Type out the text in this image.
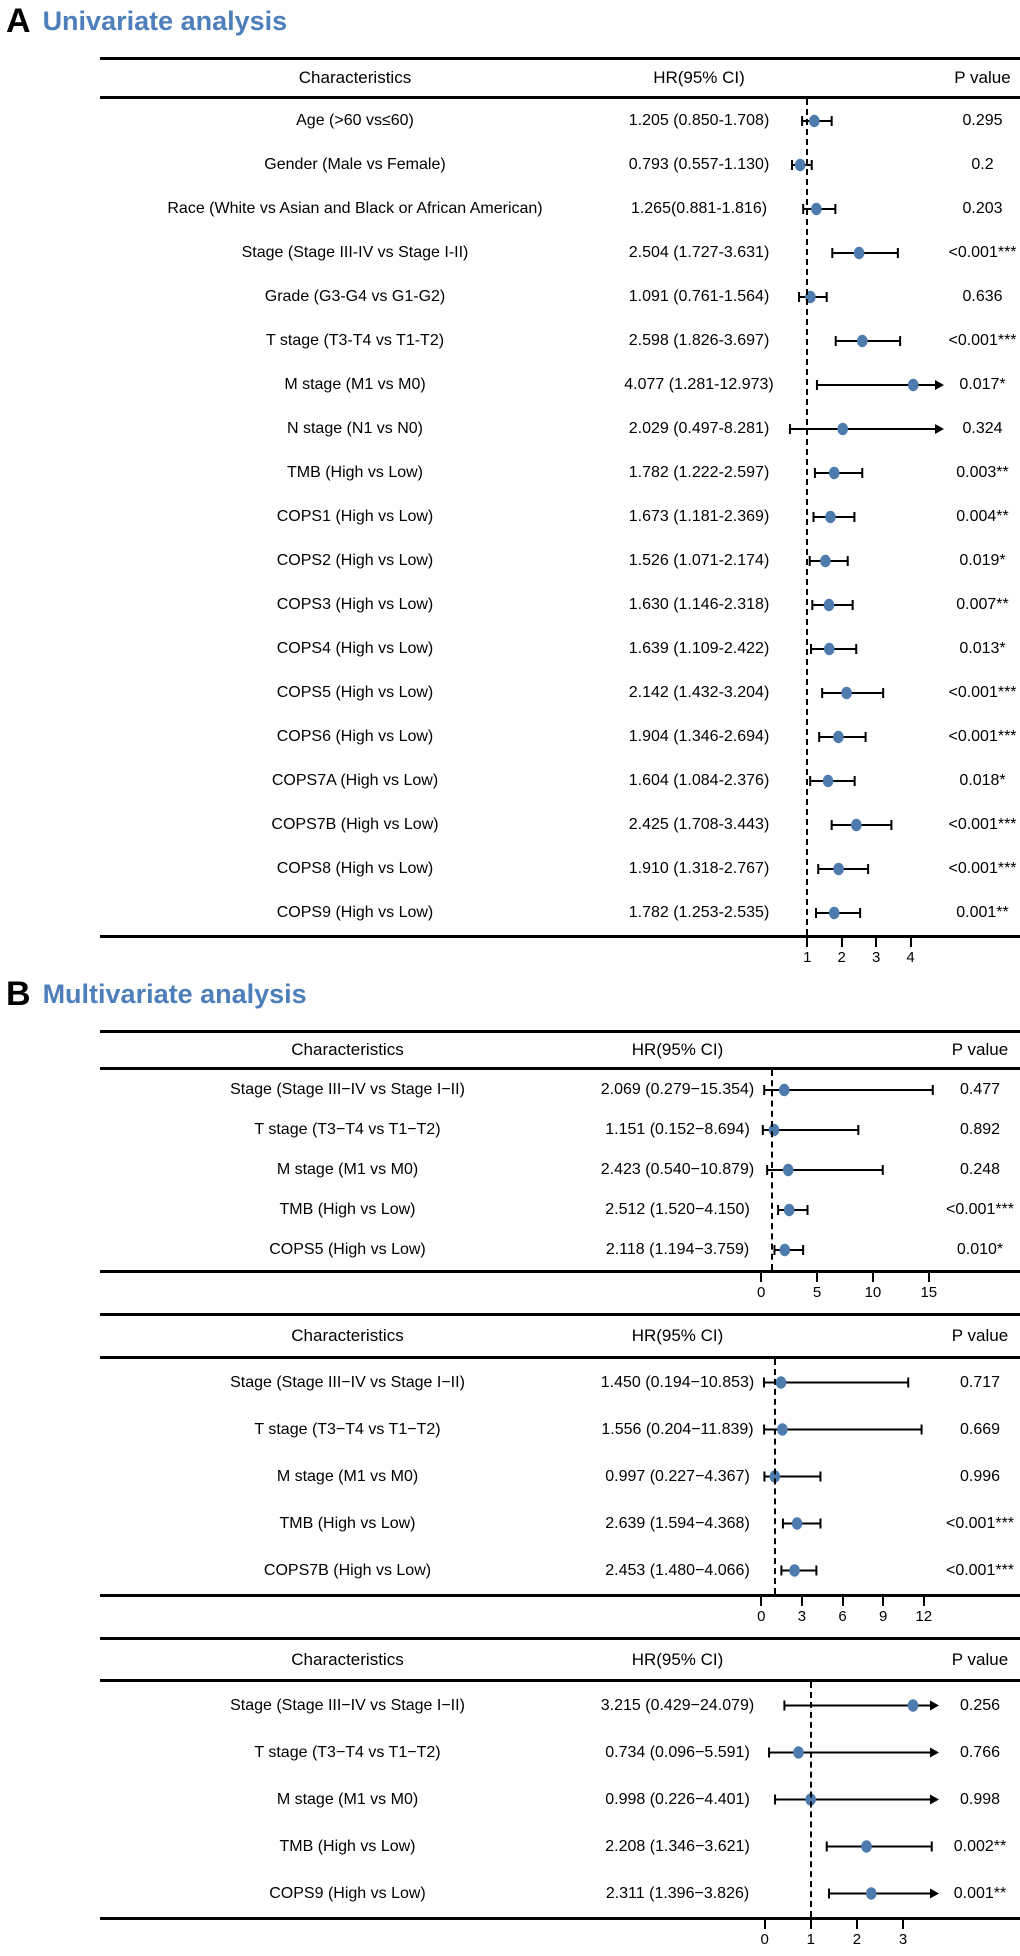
A Univariate analysis
Characteristics	HR(95% CI)	P value
Age (>60 vs≤60)	1.205 (0.850-1.708)	0.295
Gender (Male vs Female)	0.793 (0.557-1.130)	0.2
Race (White vs Asian and Black or African American)	1.265(0.881-1.816)	0.203
Stage (Stage III-IV vs Stage I-II)	2.504 (1.727-3.631)	<0.001***
Grade (G3-G4 vs G1-G2)	1.091 (0.761-1.564)	0.636
T stage (T3-T4 vs T1-T2)	2.598 (1.826-3.697)	<0.001***
M stage (M1 vs M0)	4.077 (1.281-12.973)	0.017*
N stage (N1 vs N0)	2.029 (0.497-8.281)	0.324
TMB (High vs Low)	1.782 (1.222-2.597)	0.003**
COPS1 (High vs Low)	1.673 (1.181-2.369)	0.004**
COPS2 (High vs Low)	1.526 (1.071-2.174)	0.019*
COPS3 (High vs Low)	1.630 (1.146-2.318)	0.007**
COPS4 (High vs Low)	1.639 (1.109-2.422)	0.013*
COPS5 (High vs Low)	2.142 (1.432-3.204)	<0.001***
COPS6 (High vs Low)	1.904 (1.346-2.694)	<0.001***
COPS7A (High vs Low)	1.604 (1.084-2.376)	0.018*
COPS7B (High vs Low)	2.425 (1.708-3.443)	<0.001***
COPS8 (High vs Low)	1.910 (1.318-2.767)	<0.001***
COPS9 (High vs Low)	1.782 (1.253-2.535)	0.001**
1 2 3 4
B Multivariate analysis
Characteristics	HR(95% CI)	P value
Stage (Stage III−IV vs Stage I−II)	2.069 (0.279−15.354)	0.477
T stage (T3−T4 vs T1−T2)	1.151 (0.152−8.694)	0.892
M stage (M1 vs M0)	2.423 (0.540−10.879)	0.248
TMB (High vs Low)	2.512 (1.520−4.150)	<0.001***
COPS5 (High vs Low)	2.118 (1.194−3.759)	0.010*
0	5	10	15
Characteristics	HR(95% CI)	P value
Stage (Stage III−IV vs Stage I−II)	1.450 (0.194−10.853)	0.717
T stage (T3−T4 vs T1−T2)	1.556 (0.204−11.839)	0.669
M stage (M1 vs M0)	0.997 (0.227−4.367)	0.996
TMB (High vs Low)	2.639 (1.594−4.368)	<0.001***
COPS7B (High vs Low)	2.453 (1.480−4.066)	<0.001***
0 3 6 9 12
Characteristics	HR(95% CI)	P value
Stage (Stage III−IV vs Stage I−II)	3.215 (0.429−24.079)	0.256
T stage (T3−T4 vs T1−T2)	0.734 (0.096−5.591)	0.766
M stage (M1 vs M0)	0.998 (0.226−4.401)	0.998
TMB (High vs Low)	2.208 (1.346−3.621)	0.002**
COPS9 (High vs Low)	2.311 (1.396−3.826)	0.001**
0	1	2	3
